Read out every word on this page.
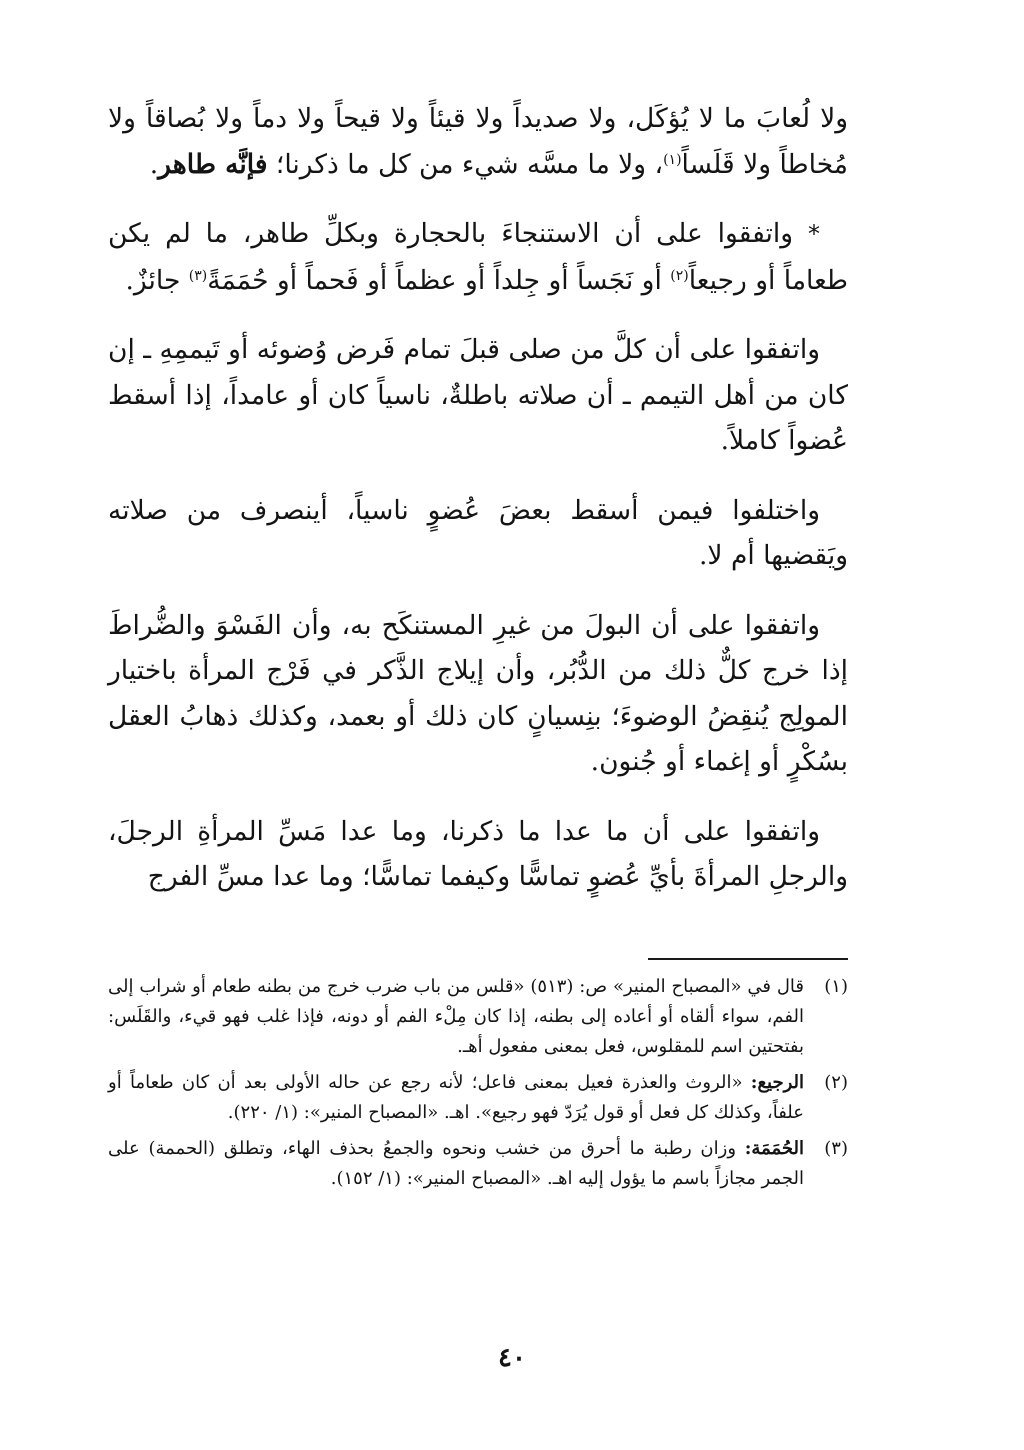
ولا لُعابَ ما لا يُؤكَل، ولا صديداً ولا قيئاً ولا قيحاً ولا دماً ولا بُصاقاً ولا مُخاطاً ولا قَلَساً$^{(١)}$، ولا ما مسَّه شيء من كل ما ذكرنا؛ فإنَّه طاهر.

* واتفقوا على أن الاستنجاءَ بالحجارة وبكلِّ طاهر، ما لم يكن طعاماً أو رجيعاً$^{(٢)}$ أو نَجَساً أو جِلداً أو عظماً أو فَحماً أو حُمَمَةً$^{(٣)}$ جائزٌ.

واتفقوا على أن كلَّ من صلى قبلَ تمام فَرض وُضوئه أو تَيممِهِ ـ إن كان من أهل التيمم ـ أن صلاته باطلةٌ، ناسياً كان أو عامداً، إذا أسقط عُضواً كاملاً.

واختلفوا فيمن أسقط بعضَ عُضوٍ ناسياً، أينصرف من صلاته ويَقضيها أم لا.

واتفقوا على أن البولَ من غيرِ المستنكَح به، وأن الفَسْوَ والضُّراطَ إذا خرج كلٌّ ذلك من الدُّبُر، وأن إيلاج الذَّكر في فَرْج المرأة باختيار المولِج يُنقِضُ الوضوءَ؛ بنِسيانٍ كان ذلك أو بعمد، وكذلك ذهابُ العقل بسُكْرٍ أو إغماء أو جُنون.

واتفقوا على أن ما عدا ما ذكرنا، وما عدا مَسِّ المرأةِ الرجلَ، والرجلِ المرأةَ بأيِّ عُضوٍ تماسًّا وكيفما تماسًّا؛ وما عدا مسِّ الفرج

(١)
قال في «المصباح المنير» ص: (٥١٣) «قلس من باب ضرب خرج من بطنه طعام أو شراب إلى الفم، سواء ألقاه أو أعاده إلى بطنه، إذا كان مِلْء الفم أو دونه، فإذا غلب فهو قيء، والقَلَس: بفتحتين اسم للمقلوس، فعل بمعنى مفعول أهـ.
(٢)
الرجيع: «الروث والعذرة فعيل بمعنى فاعل؛ لأنه رجع عن حاله الأولى بعد أن كان طعاماً أو علفاً، وكذلك كل فعل أو قول يُرَدّ فهو رجيع». اهـ. «المصباح المنير»: (١/ ٢٢٠).
(٣)
الحُمَمَة: وزان رطبة ما أحرق من خشب ونحوه والجمعُ بحذف الهاء، وتطلق (الحممة) على الجمر مجازاً باسم ما يؤول إليه اهـ. «المصباح المنير»: (١/ ١٥٢).
٤٠
